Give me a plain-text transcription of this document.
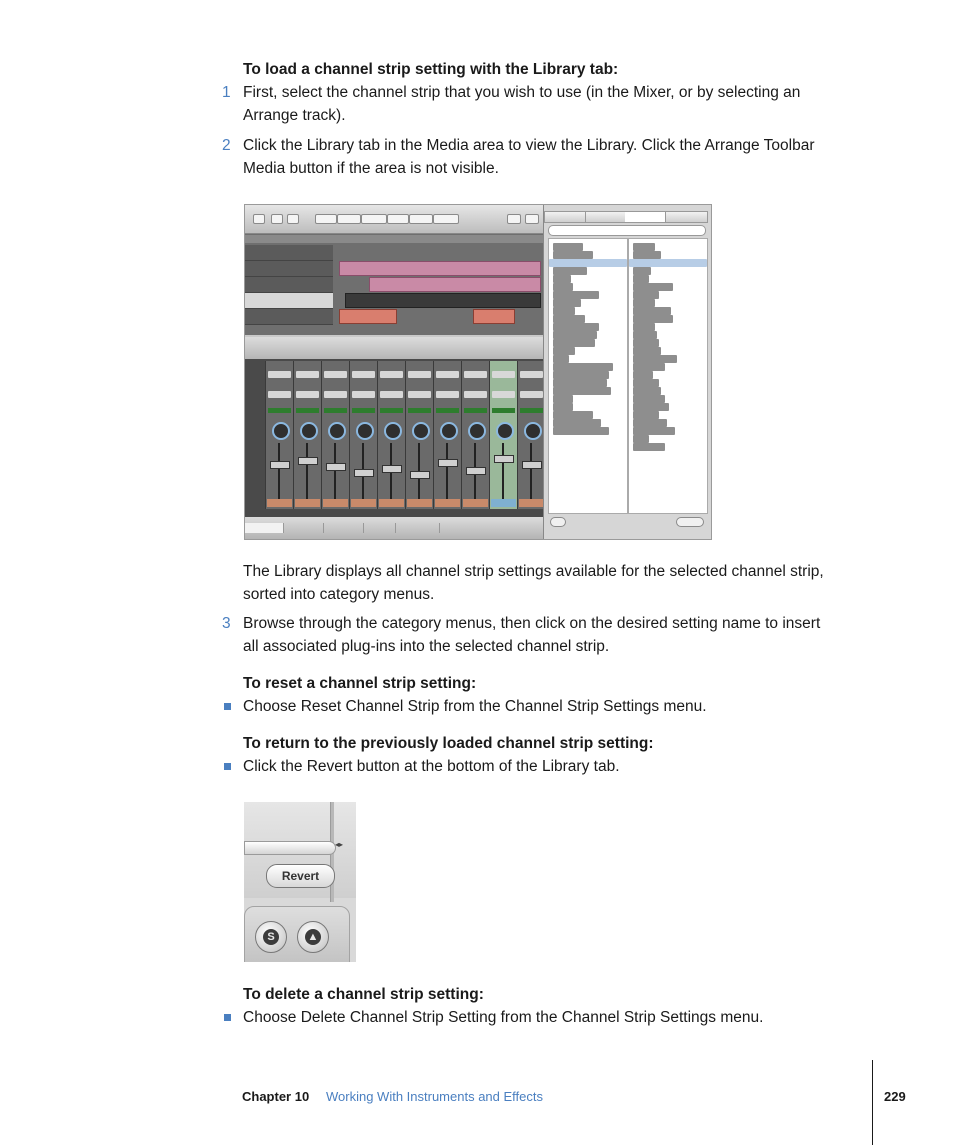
To load a channel strip setting with the Library tab:
1 First, select the channel strip that you wish to use (in the Mixer, or by selecting an
Arrange track).
2 Click the Library tab in the Media area to view the Library. Click the Arrange Toolbar
Media button if the area is not visible.
The Library displays all channel strip settings available for the selected channel strip,
sorted into category menus.
3 Browse through the category menus, then click on the desired setting name to insert
all associated plug-ins into the selected channel strip.
To reset a channel strip setting:
Choose Reset Channel Strip from the Channel Strip Settings menu.
To return to the previously loaded channel strip setting:
Click the Revert button at the bottom of the Library tab.
◂▸
Revert
S	▲
To delete a channel strip setting:
Choose Delete Channel Strip Setting from the Channel Strip Settings menu.
Chapter 10 Working With Instruments and Effects	229
